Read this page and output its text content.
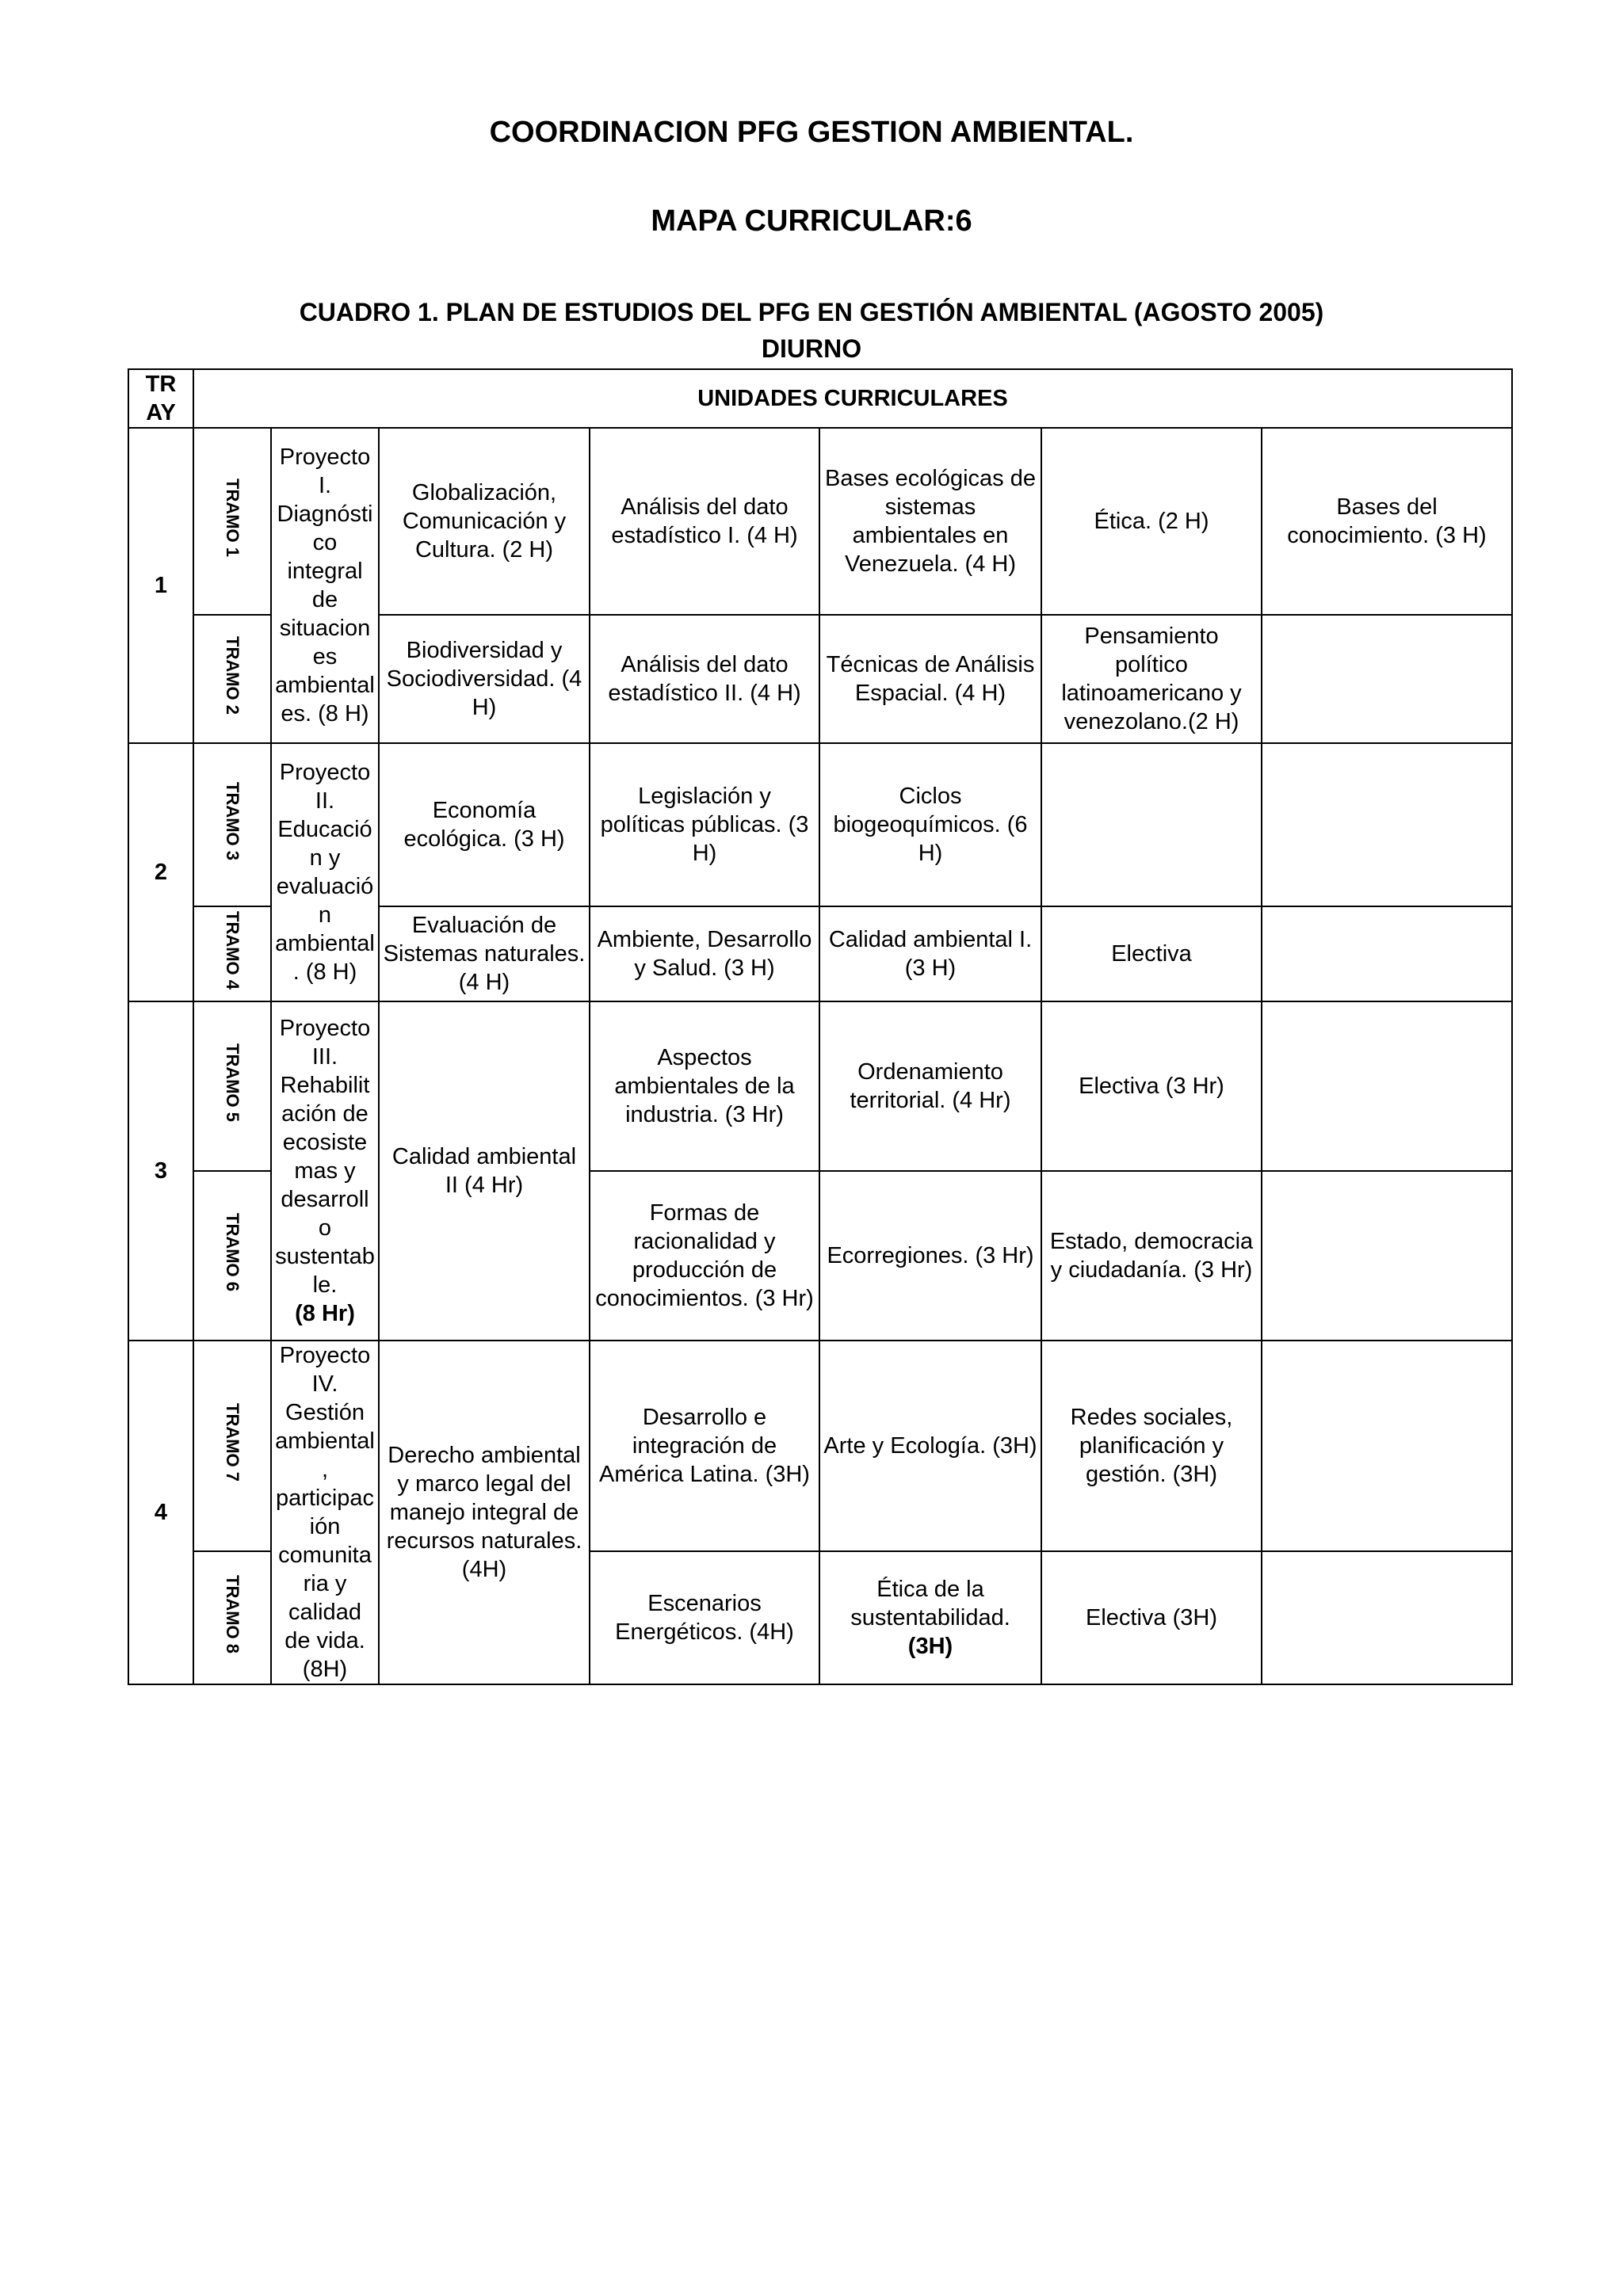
COORDINACION PFG GESTION AMBIENTAL.
MAPA CURRICULAR:6
CUADRO 1. PLAN DE ESTUDIOS DEL PFG EN GESTIÓN AMBIENTAL (AGOSTO 2005)
DIURNO
TR AY	UNIDADES CURRICULARES						
1	TRAMO 1	Proyecto I. Diagnóstico integral de situaciones ambientales. (8 H)	Globalización, Comunicación y Cultura. (2 H)	Análisis del dato estadístico I. (4 H)	Bases ecológicas de sistemas ambientales en Venezuela. (4 H)	Ética. (2 H)	Bases del conocimiento. (3 H)
	TRAMO 2		Biodiversidad y Sociodiversidad. (4 H)	Análisis del dato estadístico II. (4 H)	Técnicas de Análisis Espacial. (4 H)	Pensamiento político latinoamericano y venezolano.(2 H)	
2	TRAMO 3	Proyecto II. Educación y evaluación ambiental. (8 H)	Economía ecológica. (3 H)	Legislación y políticas públicas. (3 H)	Ciclos biogeoquímicos. (6 H)		
	TRAMO 4		Evaluación de Sistemas naturales.(4 H)	Ambiente, Desarrollo y Salud. (3 H)	Calidad ambiental I. (3 H)	Electiva	
3	TRAMO 5	Proyecto III. Rehabilitación de ecosistemas y desarrollo sustentable.
(8 Hr)	Calidad ambiental II (4 Hr)	Aspectos ambientales de la industria. (3 Hr)	Ordenamiento territorial. (4 Hr)	Electiva (3 Hr)	
	TRAMO 6			Formas de racionalidad y producción de conocimientos. (3 Hr)	Ecorregiones. (3 Hr)	Estado, democracia y ciudadanía. (3 Hr)	
4	TRAMO 7	Proyecto IV. Gestión ambiental, participación comunitaria y calidad de vida. (8H)	Derecho ambiental y marco legal del manejo integral de recursos naturales. (4H)	Desarrollo e integración de América Latina. (3H)	Arte y Ecología. (3H)	Redes sociales, planificación y gestión. (3H)	
	TRAMO 8			Escenarios Energéticos. (4H)	Ética de la sustentabilidad.
(3H)	Electiva (3H)	
